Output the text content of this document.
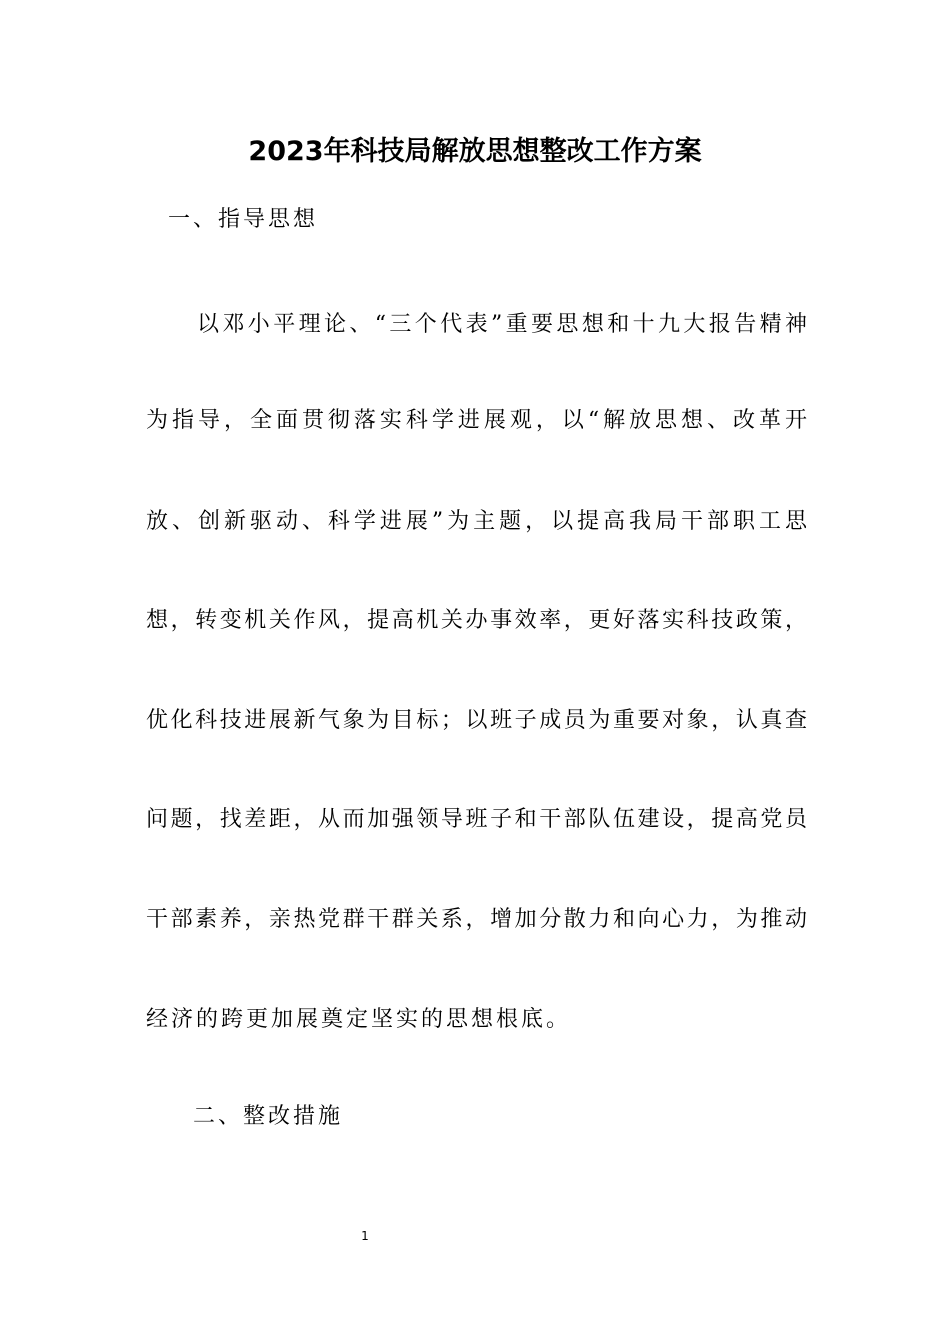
2023年科技局解放思想整改工作方案
一、指导思想
以邓小平理论、“三个代表”重要思想和十九大报告精神
为指导，全面贯彻落实科学进展观，以“解放思想、改革开
放、创新驱动、科学进展”为主题，以提高我局干部职工思
想，转变机关作风，提高机关办事效率，更好落实科技政策，
优化科技进展新气象为目标；以班子成员为重要对象，认真查
问题，找差距，从而加强领导班子和干部队伍建设，提高党员
干部素养，亲热党群干群关系，增加分散力和向心力，为推动
经济的跨更加展奠定坚实的思想根底。
二、整改措施
1
